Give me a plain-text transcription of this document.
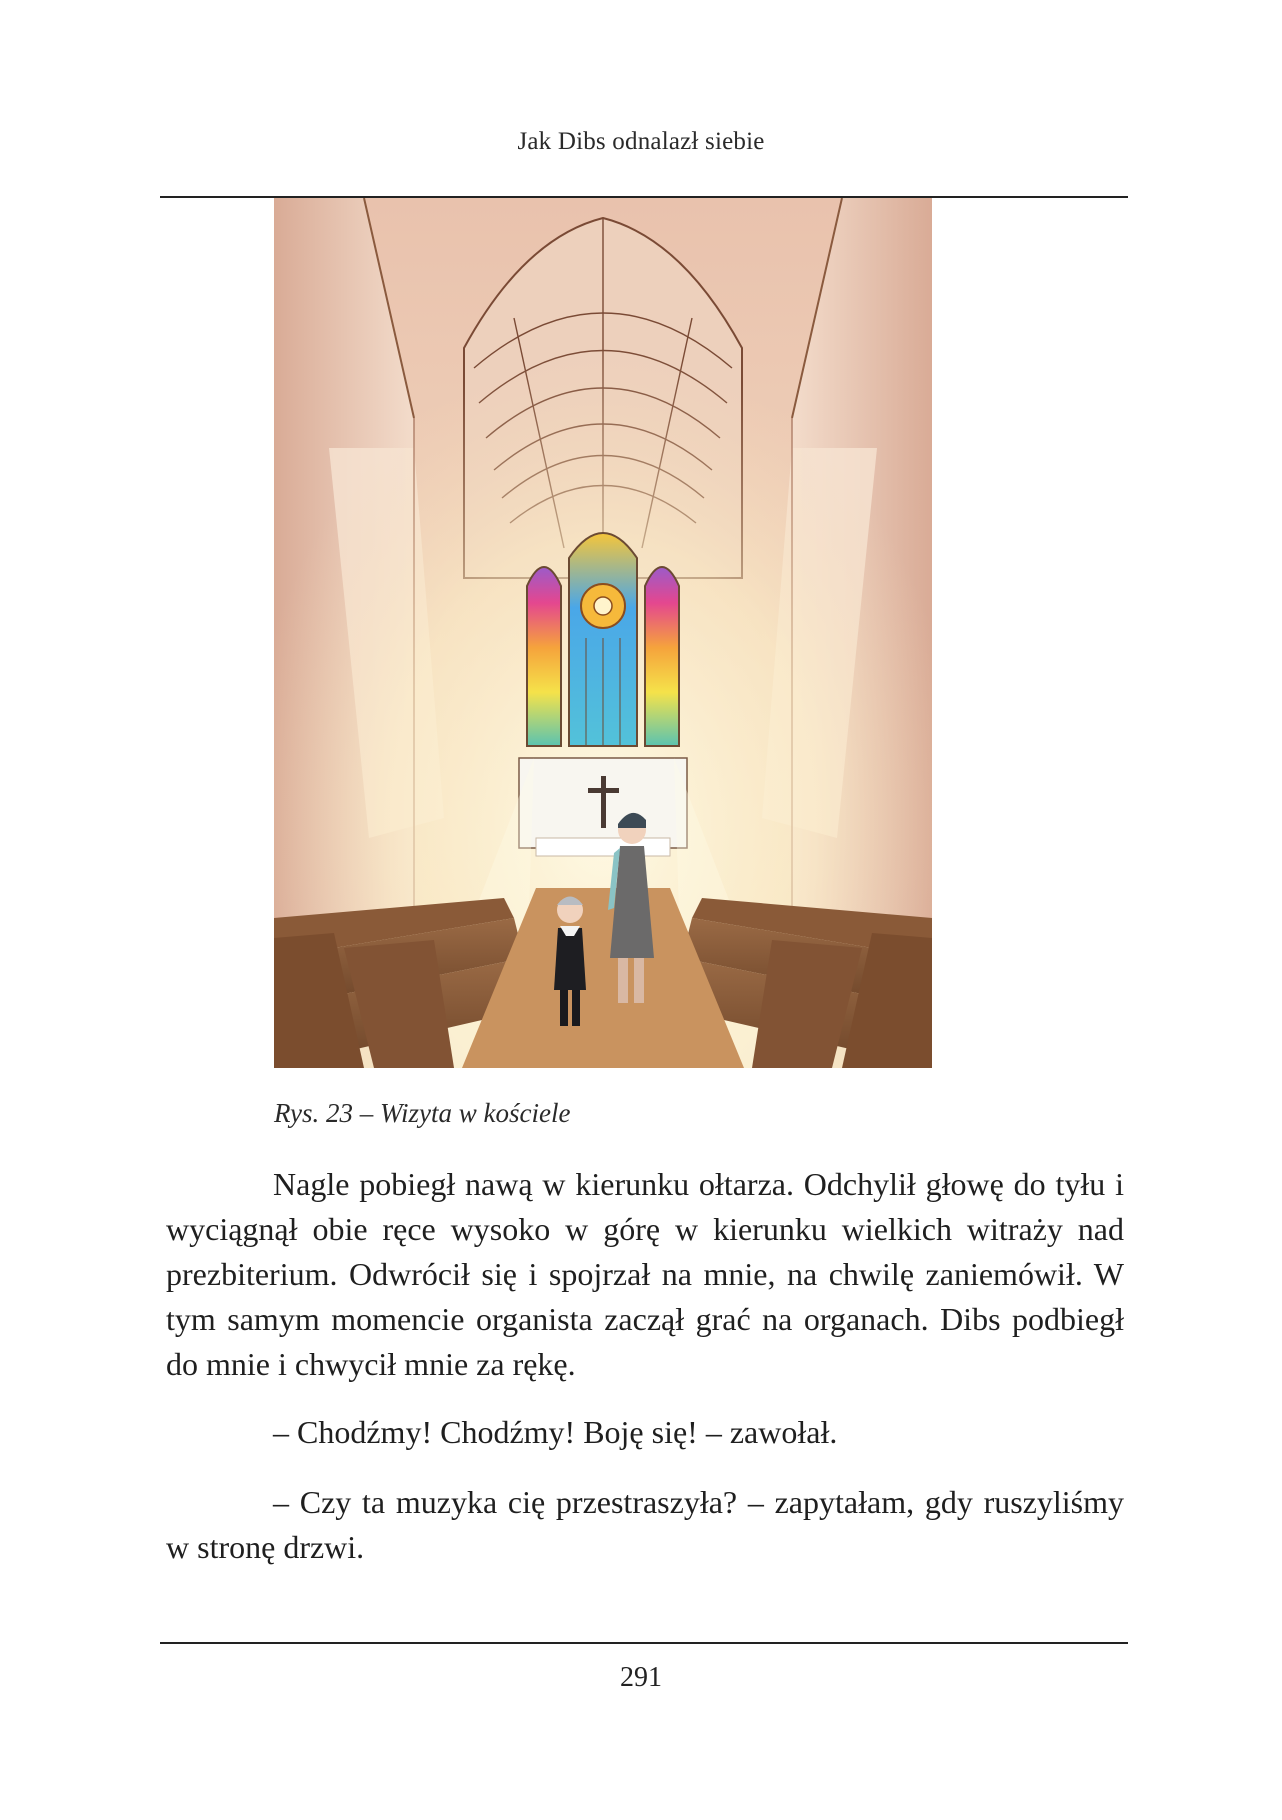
Jak Dibs odnalazł siebie
Rys. 23 – Wizyta w kościele

Nagle pobiegł nawą w kierunku ołtarza. Odchylił głowę do tyłu i wyciągnął obie ręce wysoko w górę w kierunku wielkich witraży nad prezbiterium. Odwrócił się i spojrzał na mnie, na chwilę zaniemówił. W tym samym momencie organista zaczął grać na organach. Dibs podbiegł do mnie i chwycił mnie za rękę.

– Chodźmy! Chodźmy! Boję się! – zawołał.

– Czy ta muzyka cię przestraszyła? – zapytałam, gdy ruszyliśmy w stronę drzwi.

291
